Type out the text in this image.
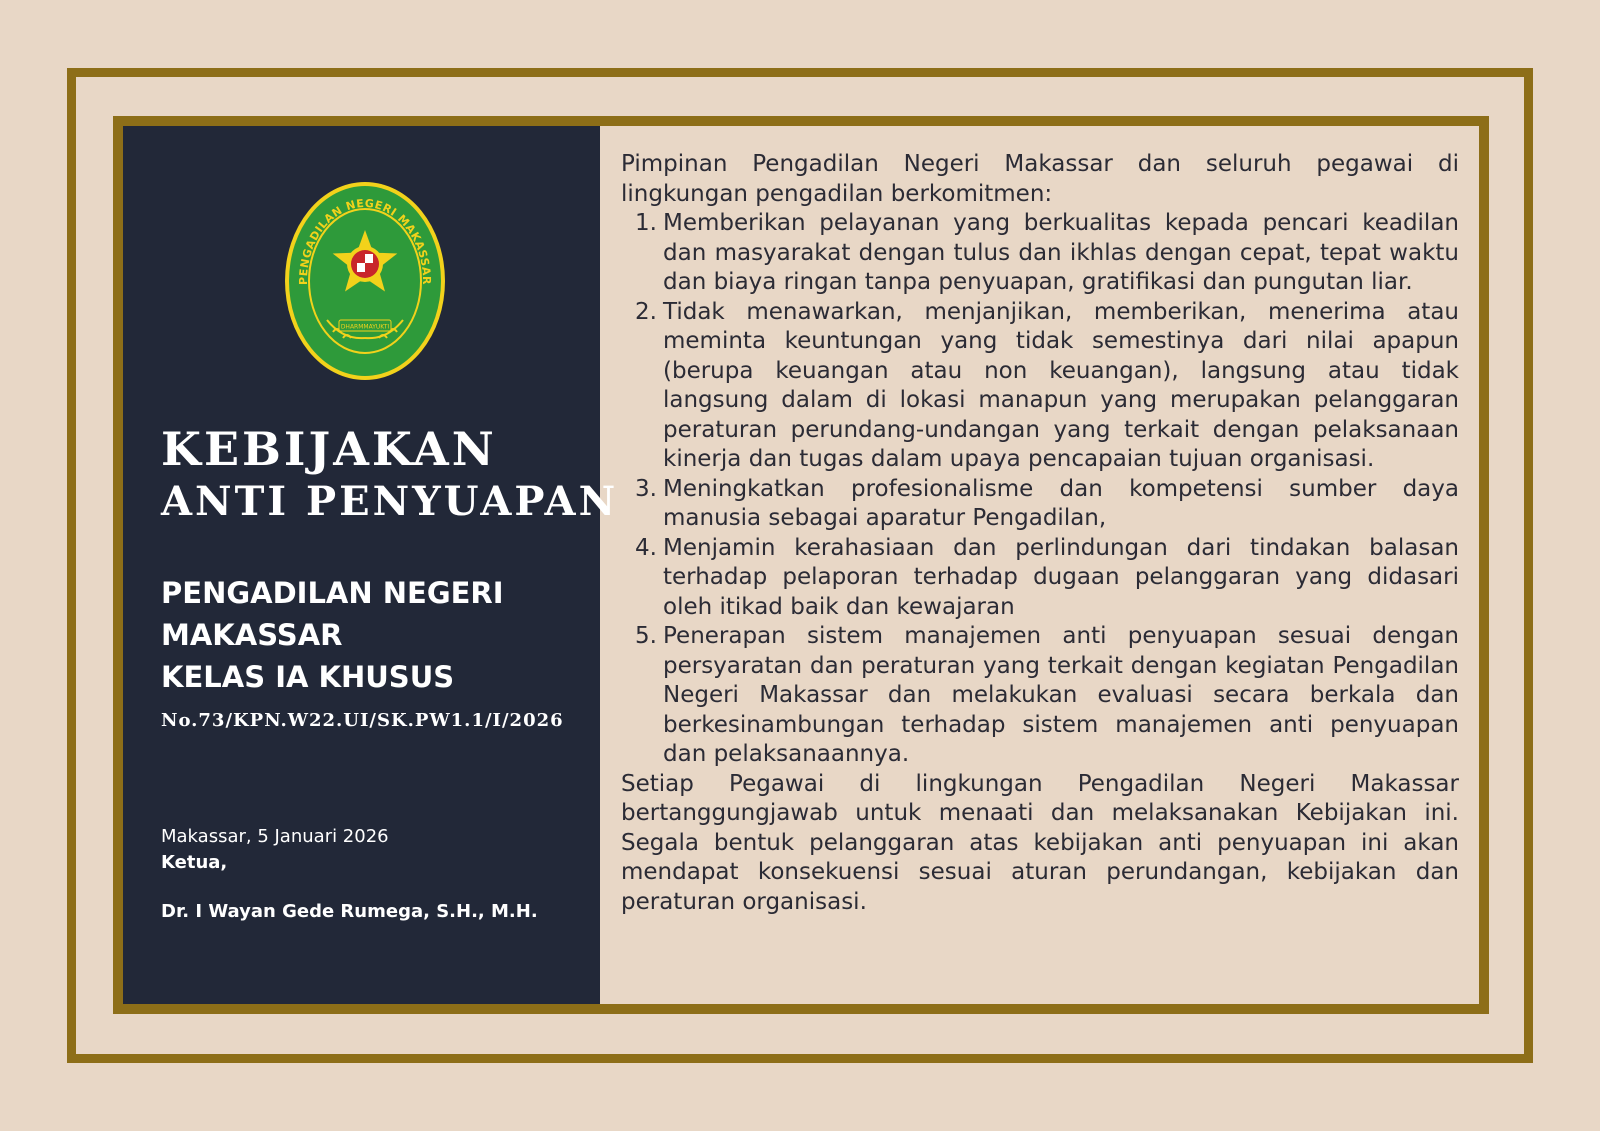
PENGADILAN NEGERI MAKASSAR
DHARMMAYUKTI
KEBIJAKAN
ANTI PENYUAPAN
PENGADILAN NEGERI
MAKASSAR
KELAS IA KHUSUS
No.73/KPN.W22.UI/SK.PW1.1/I/2026
Makassar, 5 Januari 2026
Ketua,
Dr. I Wayan Gede Rumega, S.H., M.H.

Pimpinan Pengadilan Negeri Makassar dan seluruh pegawai di lingkungan pengadilan berkomitmen:

1. Memberikan pelayanan yang berkualitas kepada pencari keadilan dan masyarakat dengan tulus dan ikhlas dengan cepat, tepat waktu dan biaya ringan tanpa penyuapan, gratifikasi dan pungutan liar.
2. Tidak menawarkan, menjanjikan, memberikan, menerima atau meminta keuntungan yang tidak semestinya dari nilai apapun (berupa keuangan atau non keuangan), langsung atau tidak langsung dalam di lokasi manapun yang merupakan pelanggaran peraturan perundang-undangan yang terkait dengan pelaksanaan kinerja dan tugas dalam upaya pencapaian tujuan organisasi.
3. Meningkatkan profesionalisme dan kompetensi sumber daya manusia sebagai aparatur Pengadilan,
4. Menjamin kerahasiaan dan perlindungan dari tindakan balasan terhadap pelaporan terhadap dugaan pelanggaran yang didasari oleh itikad baik dan kewajaran
5. Penerapan sistem manajemen anti penyuapan sesuai dengan persyaratan dan peraturan yang terkait dengan kegiatan Pengadilan Negeri Makassar dan melakukan evaluasi secara berkala dan berkesinambungan terhadap sistem manajemen anti penyuapan dan pelaksanaannya.

Setiap Pegawai di lingkungan Pengadilan Negeri Makassar bertanggungjawab untuk menaati dan melaksanakan Kebijakan ini. Segala bentuk pelanggaran atas kebijakan anti penyuapan ini akan mendapat konsekuensi sesuai aturan perundangan, kebijakan dan peraturan organisasi.
